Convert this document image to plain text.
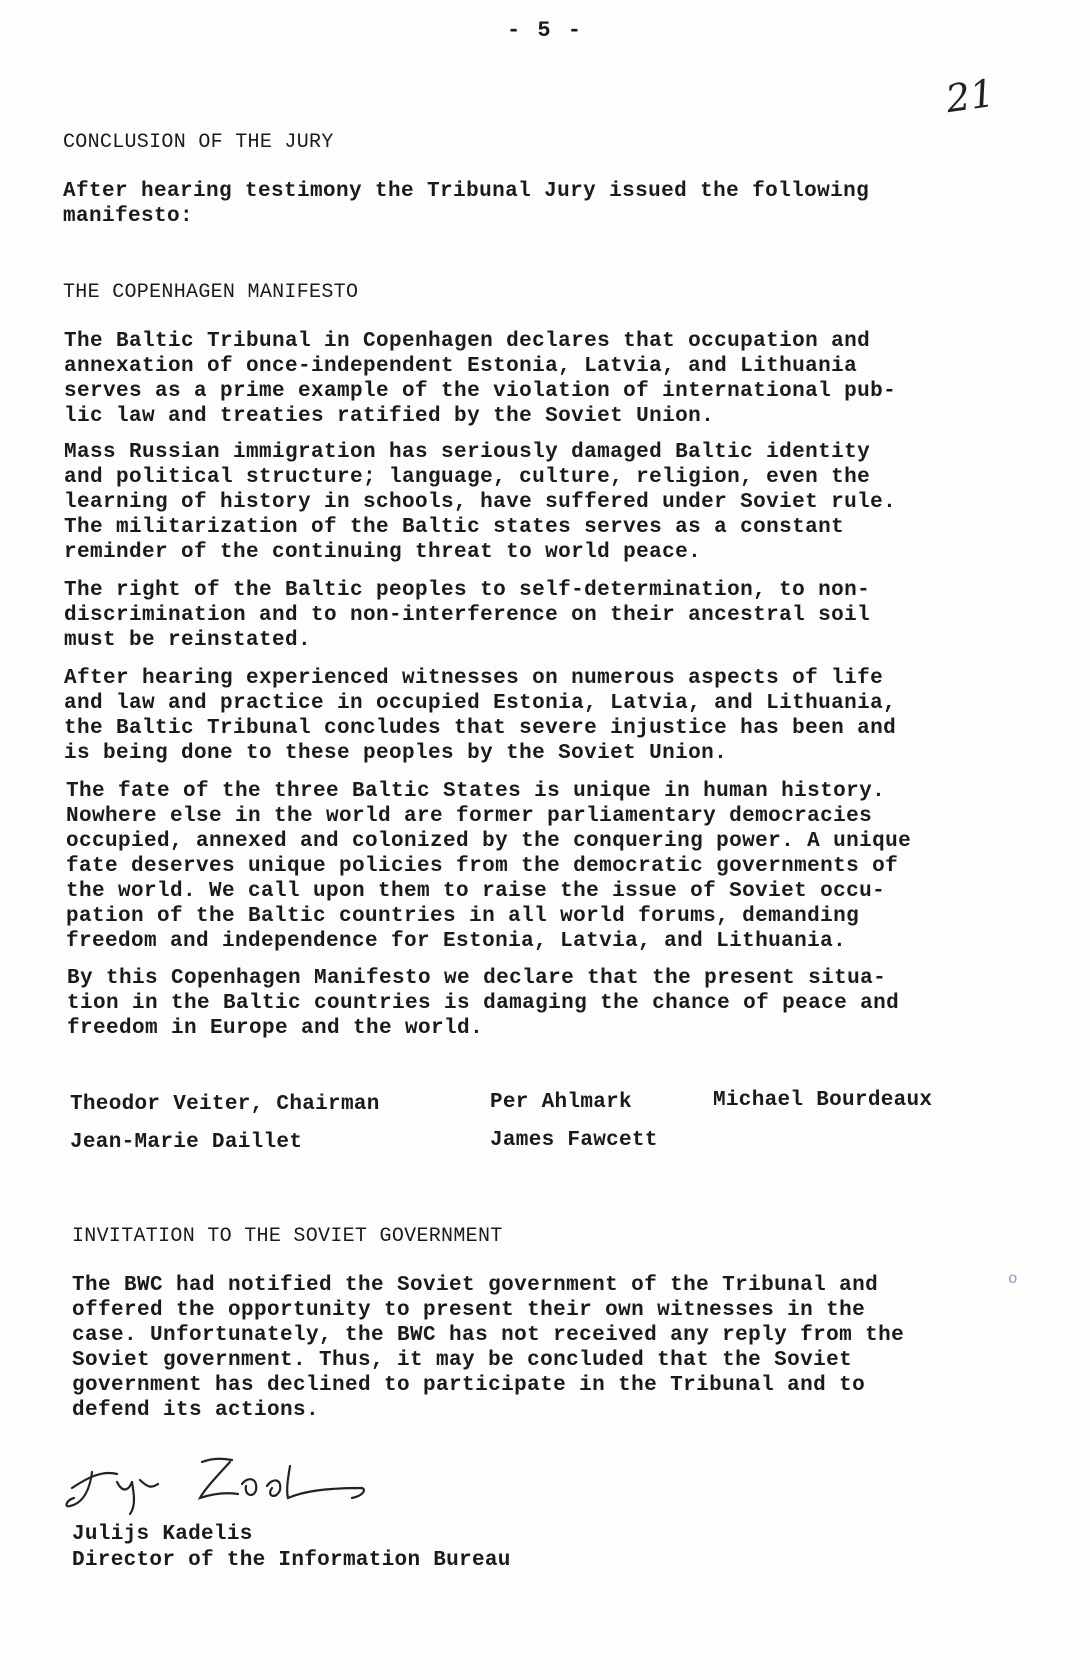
- 5 -
21
CONCLUSION OF THE JURY
After hearing testimony the Tribunal Jury issued the following
manifesto:
THE COPENHAGEN MANIFESTO
The Baltic Tribunal in Copenhagen declares that occupation and
annexation of once-independent Estonia, Latvia, and Lithuania
serves as a prime example of the violation of international pub-
lic law and treaties ratified by the Soviet Union.
Mass Russian immigration has seriously damaged Baltic identity
and political structure; language, culture, religion, even the
learning of history in schools, have suffered under Soviet rule.
The militarization of the Baltic states serves as a constant
reminder of the continuing threat to world peace.
The right of the Baltic peoples to self-determination, to non-
discrimination and to non-interference on their ancestral soil
must be reinstated.
After hearing experienced witnesses on numerous aspects of life
and law and practice in occupied Estonia, Latvia, and Lithuania,
the Baltic Tribunal concludes that severe injustice has been and
is being done to these peoples by the Soviet Union.
The fate of the three Baltic States is unique in human history.
Nowhere else in the world are former parliamentary democracies
occupied, annexed and colonized by the conquering power. A unique
fate deserves unique policies from the democratic governments of
the world. We call upon them to raise the issue of Soviet occu-
pation of the Baltic countries in all world forums, demanding
freedom and independence for Estonia, Latvia, and Lithuania.
By this Copenhagen Manifesto we declare that the present situa-
tion in the Baltic countries is damaging the chance of peace and
freedom in Europe and the world.
Theodor Veiter, Chairman	Per Ahlmark	Michael Bourdeaux
Jean-Marie Daillet	James Fawcett
INVITATION TO THE SOVIET GOVERNMENT
The BWC had notified the Soviet government of the Tribunal and
offered the opportunity to present their own witnesses in the
case. Unfortunately, the BWC has not received any reply from the
Soviet government. Thus, it may be concluded that the Soviet
government has declined to participate in the Tribunal and to
defend its actions.
Julijs Kadelis
Director of the Information Bureau
o
